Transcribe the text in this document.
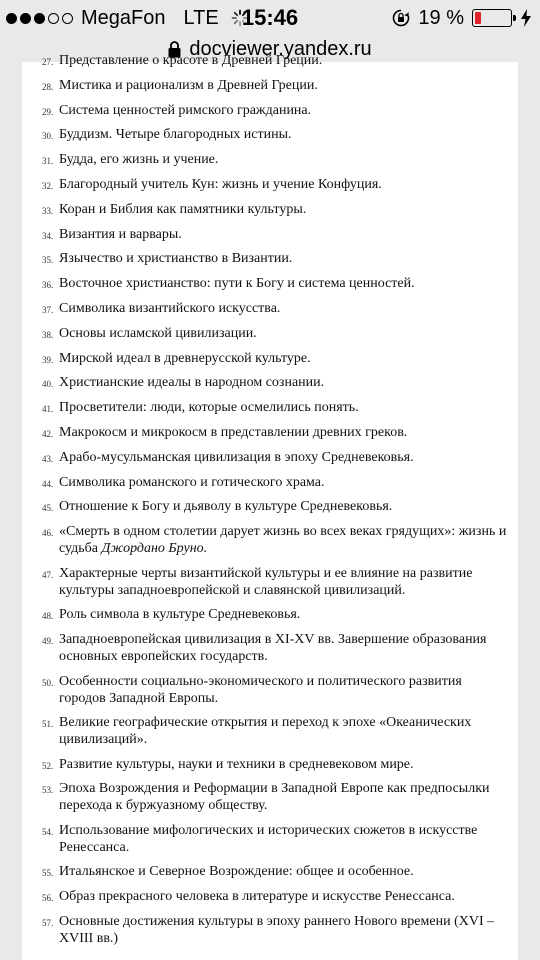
MegaFon LTE	15:46	19 %
docviewer.yandex.ru
27. Представление о красоте в Древней Греции.
28. Мистика и рационализм в Древней Греции.
29. Система ценностей римского гражданина.
30. Буддизм. Четыре благородных истины.
31. Будда, его жизнь и учение.
32. Благородный учитель Кун: жизнь и учение Конфуция.
33. Коран и Библия как памятники культуры.
34. Византия и варвары.
35. Язычество и христианство в Византии.
36. Восточное христианство: пути к Богу и система ценностей.
37. Символика византийского искусства.
38. Основы исламской цивилизации.
39. Мирской идеал в древнерусской культуре.
40. Христианские идеалы в народном сознании.
41. Просветители: люди, которые осмелились понять.
42. Макрокосм и микрокосм в представлении древних греков.
43. Арабо-мусульманская цивилизация в эпоху Средневековья.
44. Символика романского и готического храма.
45. Отношение к Богу и дьяволу в культуре Средневековья.
46. «Смерть в одном столетии дарует жизнь во всех веках грядущих»: жизнь и судьба Джордано Бруно.
47. Характерные черты византийской культуры и ее влияние на развитие культуры западноевропейской и славянской цивилизаций.
48. Роль символа в культуре Средневековья.
49. Западноевропейская цивилизация в XI-XV вв. Завершение образования основных европейских государств.
50. Особенности социально-экономического и политического развития городов Западной Европы.
51. Великие географические открытия и переход к эпохе «Океанических цивилизаций».
52. Развитие культуры, науки и техники в средневековом мире.
53. Эпоха Возрождения и Реформации в Западной Европе как предпосылки перехода к буржуазному обществу.
54. Использование мифологических и исторических сюжетов в искусстве Ренессанса.
55. Итальянское и Северное Возрождение: общее и особенное.
56. Образ прекрасного человека в литературе и искусстве Ренессанса.
57. Основные достижения культуры в эпоху раннего Нового времени (XVI – XVIII вв.)
